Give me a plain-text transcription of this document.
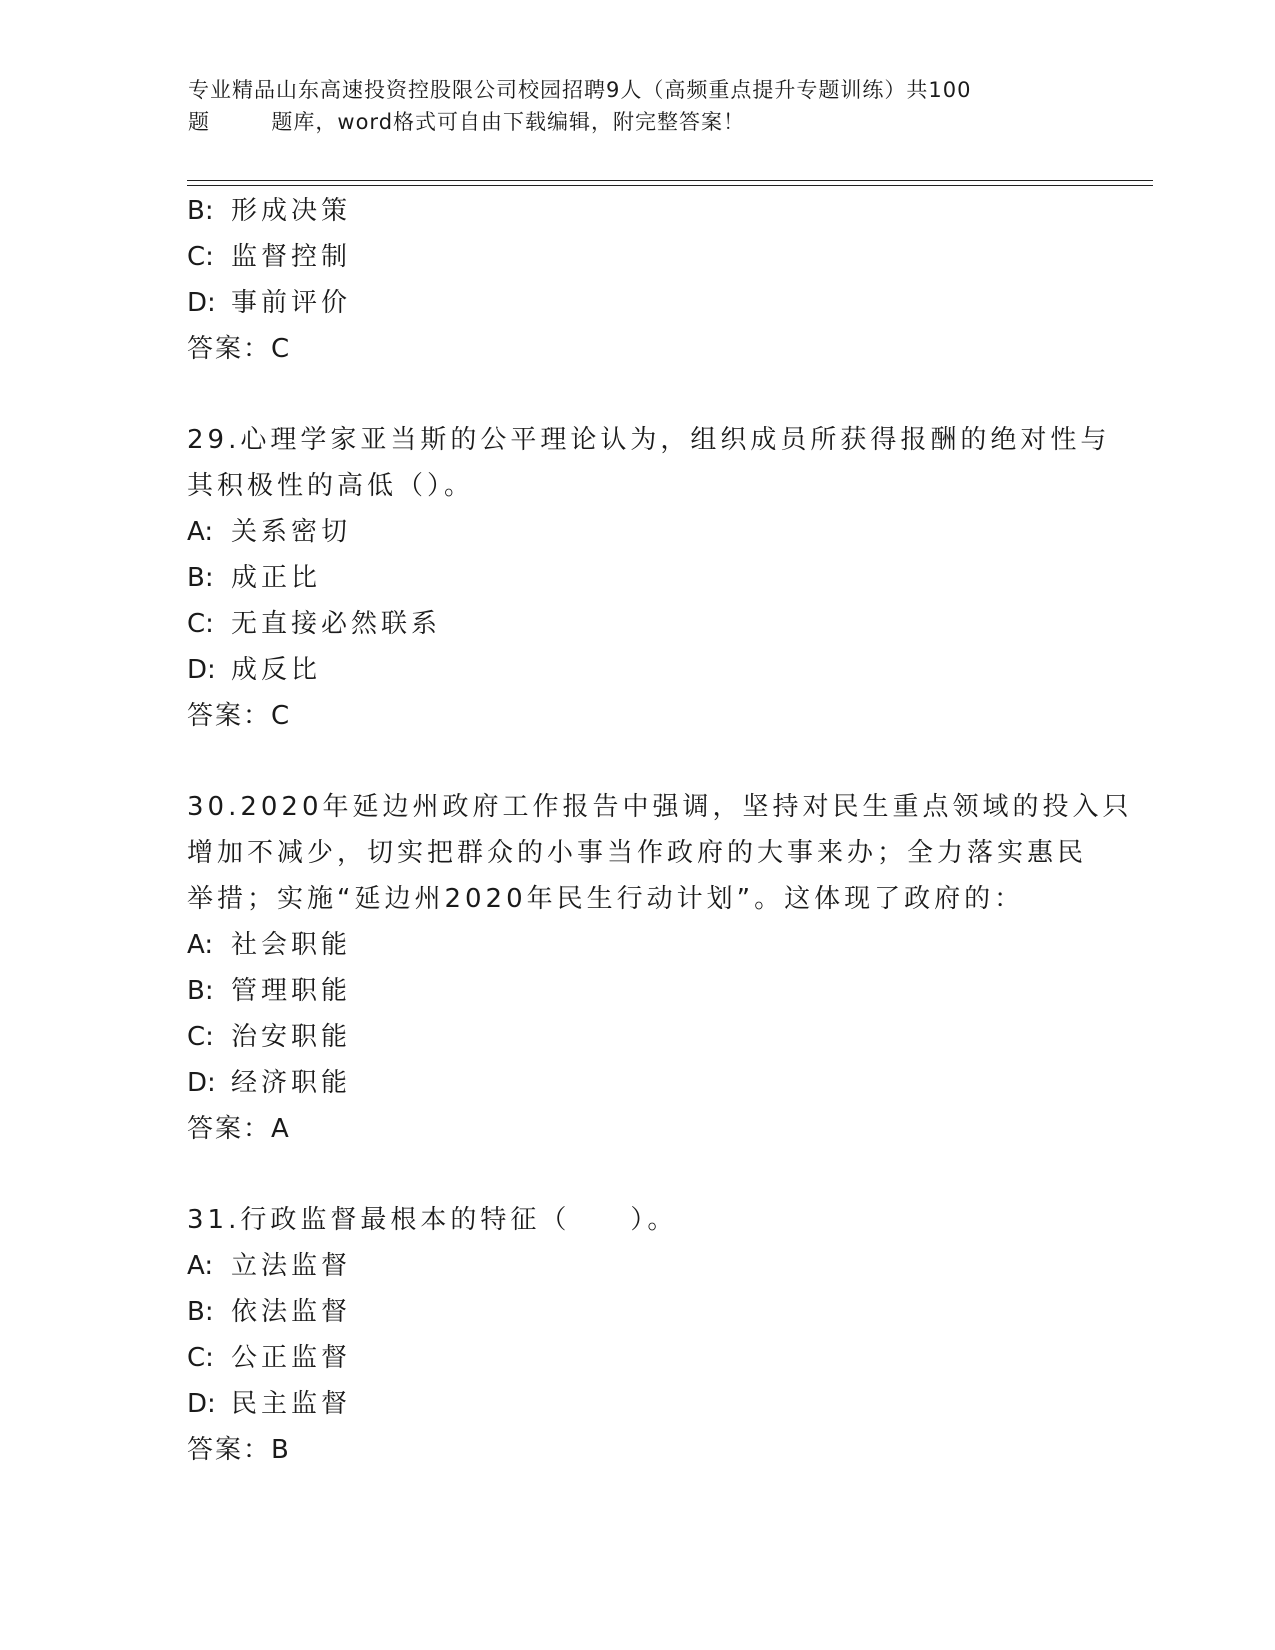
专业精品山东高速投资控股限公司校园招聘9人（高频重点提升专题训练）共100
题        题库，word格式可自由下载编辑，附完整答案！
B: 形成决策
C: 监督控制
D: 事前评价
答案：C
29.心理学家亚当斯的公平理论认为，组织成员所获得报酬的绝对性与
其积极性的高低（）。
A: 关系密切
B: 成正比
C: 无直接必然联系
D: 成反比
答案：C
30.2020年延边州政府工作报告中强调，坚持对民生重点领域的投入只
增加不减少，切实把群众的小事当作政府的大事来办；全力落实惠民
举措；实施“延边州2020年民生行动计划”。这体现了政府的：
A: 社会职能
B: 管理职能
C: 治安职能
D: 经济职能
答案：A
31.行政监督最根本的特征（　　）。
A: 立法监督
B: 依法监督
C: 公正监督
D: 民主监督
答案：B
